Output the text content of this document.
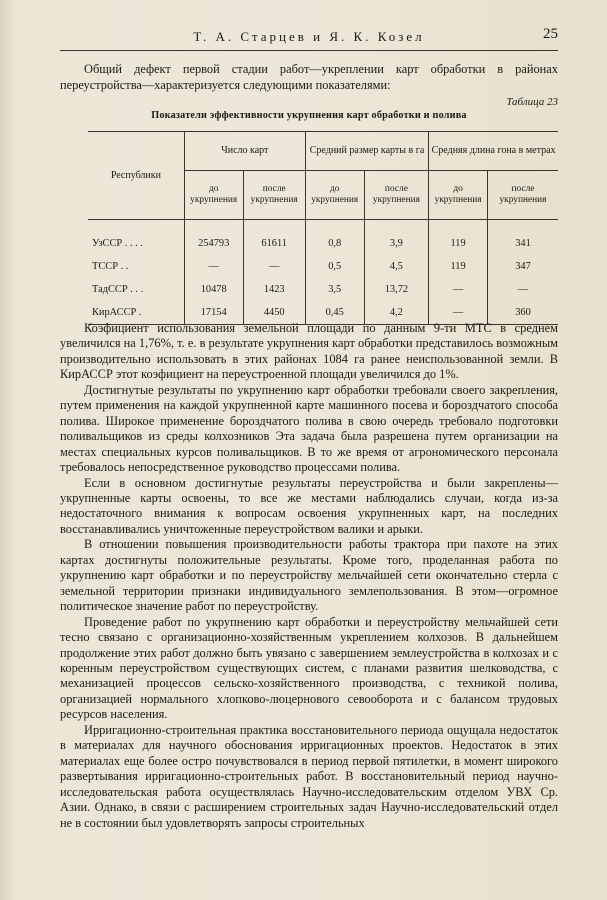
Т. А. Старцев и Я. К. Козел	25
Общий дефект первой стадии работ—укреплении карт обработки в районах переустройства—характеризуется следующими показателями:
Таблица 23
Показатели эффективности укрупнения карт обработки и полива
Республики	Число карт		Средний размер карты в га		Средняя длина гона в метрах	
	до укрупнения	после укрупнения	до укрупнения	после укрупнения	до укрупнения	после укрупнения

УзССР . . . .	254793	61611	0,8	3,9	119	341
ТССР . .	—	—	0,5	4,5	119	347
ТадССР . . .	10478	1423	3,5	13,72	—	—
КирАССР .	17154	4450	0,45	4,2	—	360

Коэфициент использования земельной площади по данным 9-ти МТС в среднем увеличился на 1,76%, т. е. в результате укрупнения карт обработки представилось возможным производительно использовать в этих районах 1084 га ранее неиспользованной земли. В КирАССР этот коэфициент на переустроенной площади увеличился до 1%.

Достигнутые результаты по укрупнению карт обработки требовали своего закрепления, путем применения на каждой укрупненной карте машинного посева и бороздчатого способа полива. Широкое применение бороздчатого полива в свою очередь требовало подготовки поливальщиков из среды колхозников Эта задача была разрешена путем организации на местах специальных курсов поливальщиков. В то же время от агрономического персонала требовалось непосредственное руководство процессами полива.

Если в основном достигнутые результаты переустройства и были закреплены—укрупненные карты освоены, то все же местами наблюдались случаи, когда из-за недостаточного внимания к вопросам освоения укрупненных карт, на последних восстанавливались уничтоженные переустройством валики и арыки.

В отношении повышения производительности работы трактора при пахоте на этих картах достигнуты положительные результаты. Кроме того, проделанная работа по укрупнению карт обработки и по переустройству мельчайшей сети окончательно стерла с земельной территории признаки индивидуального землепользования. В этом—огромное политическое значение работ по переустройству.

Проведение работ по укрупнению карт обработки и переустройству мельчайшей сети тесно связано с организационно-хозяйственным укреплением колхозов. В дальнейшем продолжение этих работ должно быть увязано с завершением землеустройства в колхозах и с коренным переустройством существующих систем, с планами развития шелководства, с механизацией процессов сельско-хозяйственного производства, с техникой полива, организацией нормального хлопково-люцернового севооборота и с балансом трудовых ресурсов населения.

Ирригационно-строительная практика восстановительного периода ощущала недостаток в материалах для научного обоснования ирригационных проектов. Недостаток в этих материалах еще более остро почувствовался в период первой пятилетки, в момент широкого развертывания ирригационно-строительных работ. В восстановительный период научно-исследовательская работа осуществлялась Научно-исследовательским отделом УВХ Ср. Азии. Однако, в связи с расширением строительных задач Научно-исследовательский отдел не в состоянии был удовлетворять запросы строительных
